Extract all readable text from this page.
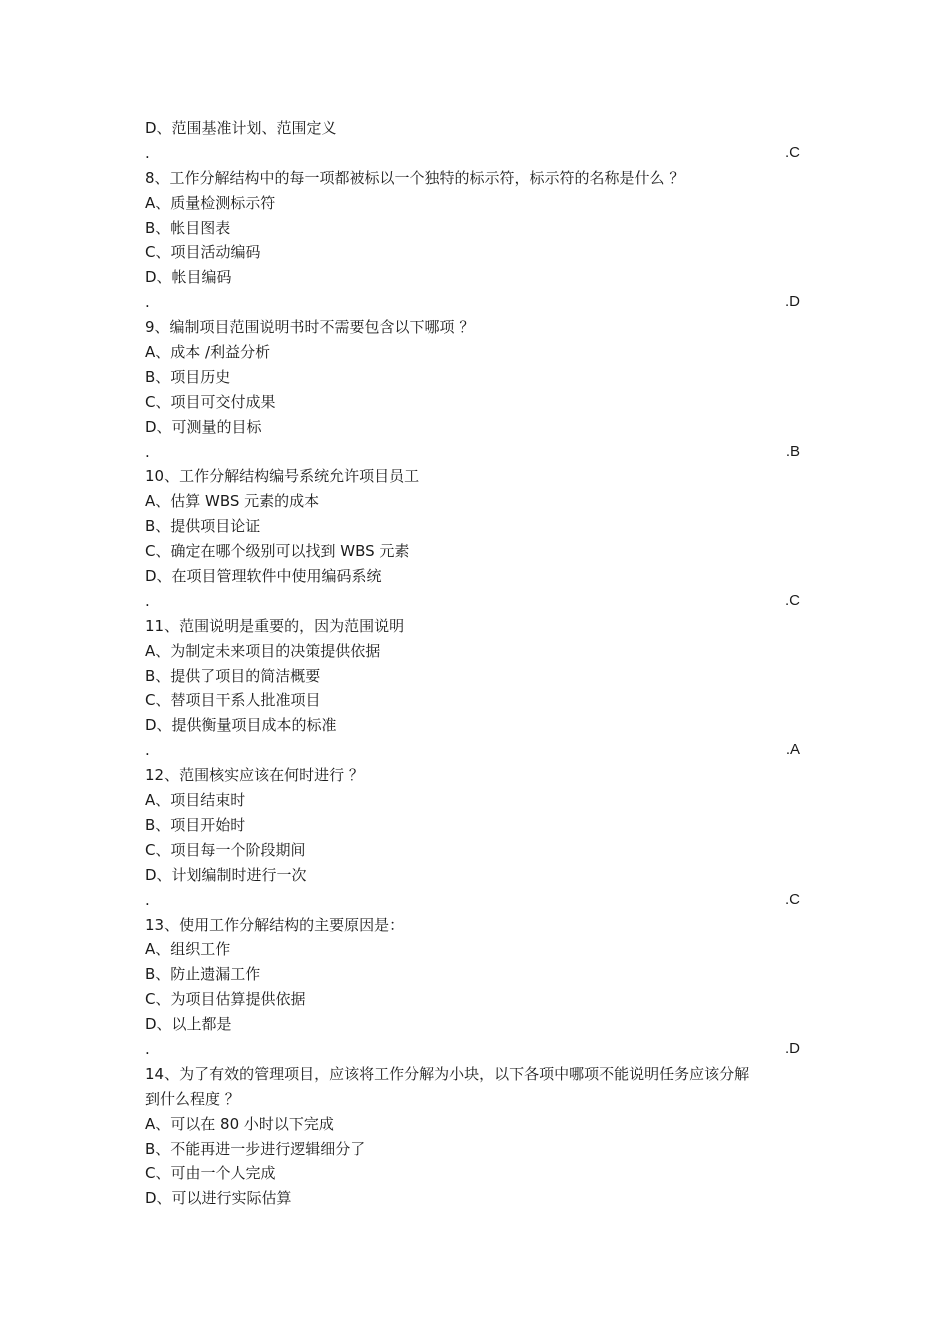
D、范围基准计划、范围定义
.	.C
8、工作分解结构中的每一项都被标以一个独特的标示符，标示符的名称是什么 ？
A、质量检测标示符
B、帐目图表
C、项目活动编码
D、帐目编码
.	.D
9、编制项目范围说明书时不需要包含以下哪项 ？
A、成本 /利益分析
B、项目历史
C、项目可交付成果
D、可测量的目标
.	.B
10、工作分解结构编号系统允许项目员工
A、估算 WBS 元素的成本
B、提供项目论证
C、确定在哪个级别可以找到 WBS 元素
D、在项目管理软件中使用编码系统
.	.C
11、范围说明是重要的，因为范围说明
A、为制定未来项目的决策提供依据
B、提供了项目的简洁概要
C、替项目干系人批准项目
D、提供衡量项目成本的标准
.	.A
12、范围核实应该在何时进行 ？
A、项目结束时
B、项目开始时
C、项目每一个阶段期间
D、计划编制时进行一次
.	.C
13、使用工作分解结构的主要原因是：
A、组织工作
B、防止遗漏工作
C、为项目估算提供依据
D、以上都是
.	.D
14、为了有效的管理项目，应该将工作分解为小块，以下各项中哪项不能说明任务应该分解
到什么程度 ？
A、可以在 80 小时以下完成
B、不能再进一步进行逻辑细分了
C、可由一个人完成
D、可以进行实际估算
